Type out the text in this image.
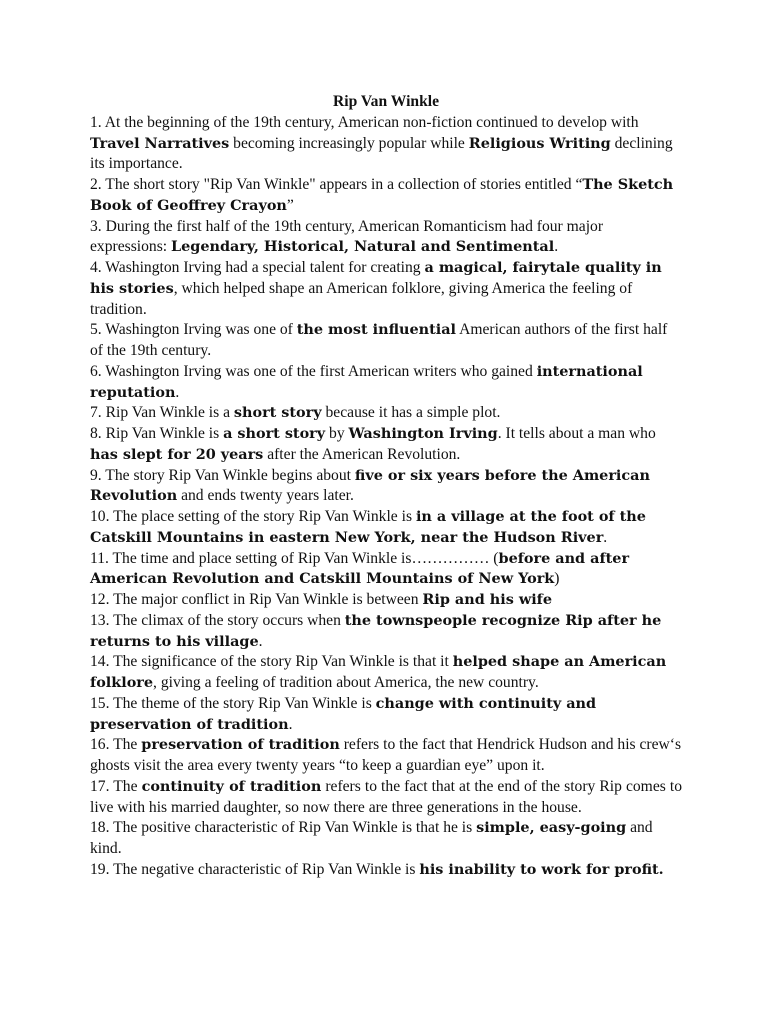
Rip Van Winkle

1. At the beginning of the 19th century, American non-fiction continued to develop with Travel Narratives becoming increasingly popular while Religious Writing declining its importance.

2. The short story "Rip Van Winkle" appears in a collection of stories entitled “The Sketch Book of Geoffrey Crayon”

3. During the first half of the 19th century, American Romanticism had four major expressions: Legendary, Historical, Natural and Sentimental.

4. Washington Irving had a special talent for creating a magical, fairytale quality in his stories, which helped shape an American folklore, giving America the feeling of tradition.

5. Washington Irving was one of the most influential American authors of the first half of the 19th century.

6. Washington Irving was one of the first American writers who gained international reputation.

7. Rip Van Winkle is a short story because it has a simple plot.

8. Rip Van Winkle is a short story by Washington Irving. It tells about a man who has slept for 20 years after the American Revolution.

9. The story Rip Van Winkle begins about five or six years before the American Revolution and ends twenty years later.

10. The place setting of the story Rip Van Winkle is in a village at the foot of the Catskill Mountains in eastern New York, near the Hudson River.

11. The time and place setting of Rip Van Winkle is…………… (before and after American Revolution and Catskill Mountains of New York)

12. The major conflict in Rip Van Winkle is between Rip and his wife

13. The climax of the story occurs when the townspeople recognize Rip after he returns to his village.

14. The significance of the story Rip Van Winkle is that it helped shape an American folklore, giving a feeling of tradition about America, the new country.

15. The theme of the story Rip Van Winkle is change with continuity and preservation of tradition.

16. The preservation of tradition refers to the fact that Hendrick Hudson and his crew‘s ghosts visit the area every twenty years “to keep a guardian eye” upon it.

17. The continuity of tradition refers to the fact that at the end of the story Rip comes to live with his married daughter, so now there are three generations in the house.

18. The positive characteristic of Rip Van Winkle is that he is simple, easy-going and kind.

19. The negative characteristic of Rip Van Winkle is his inability to work for profit.
